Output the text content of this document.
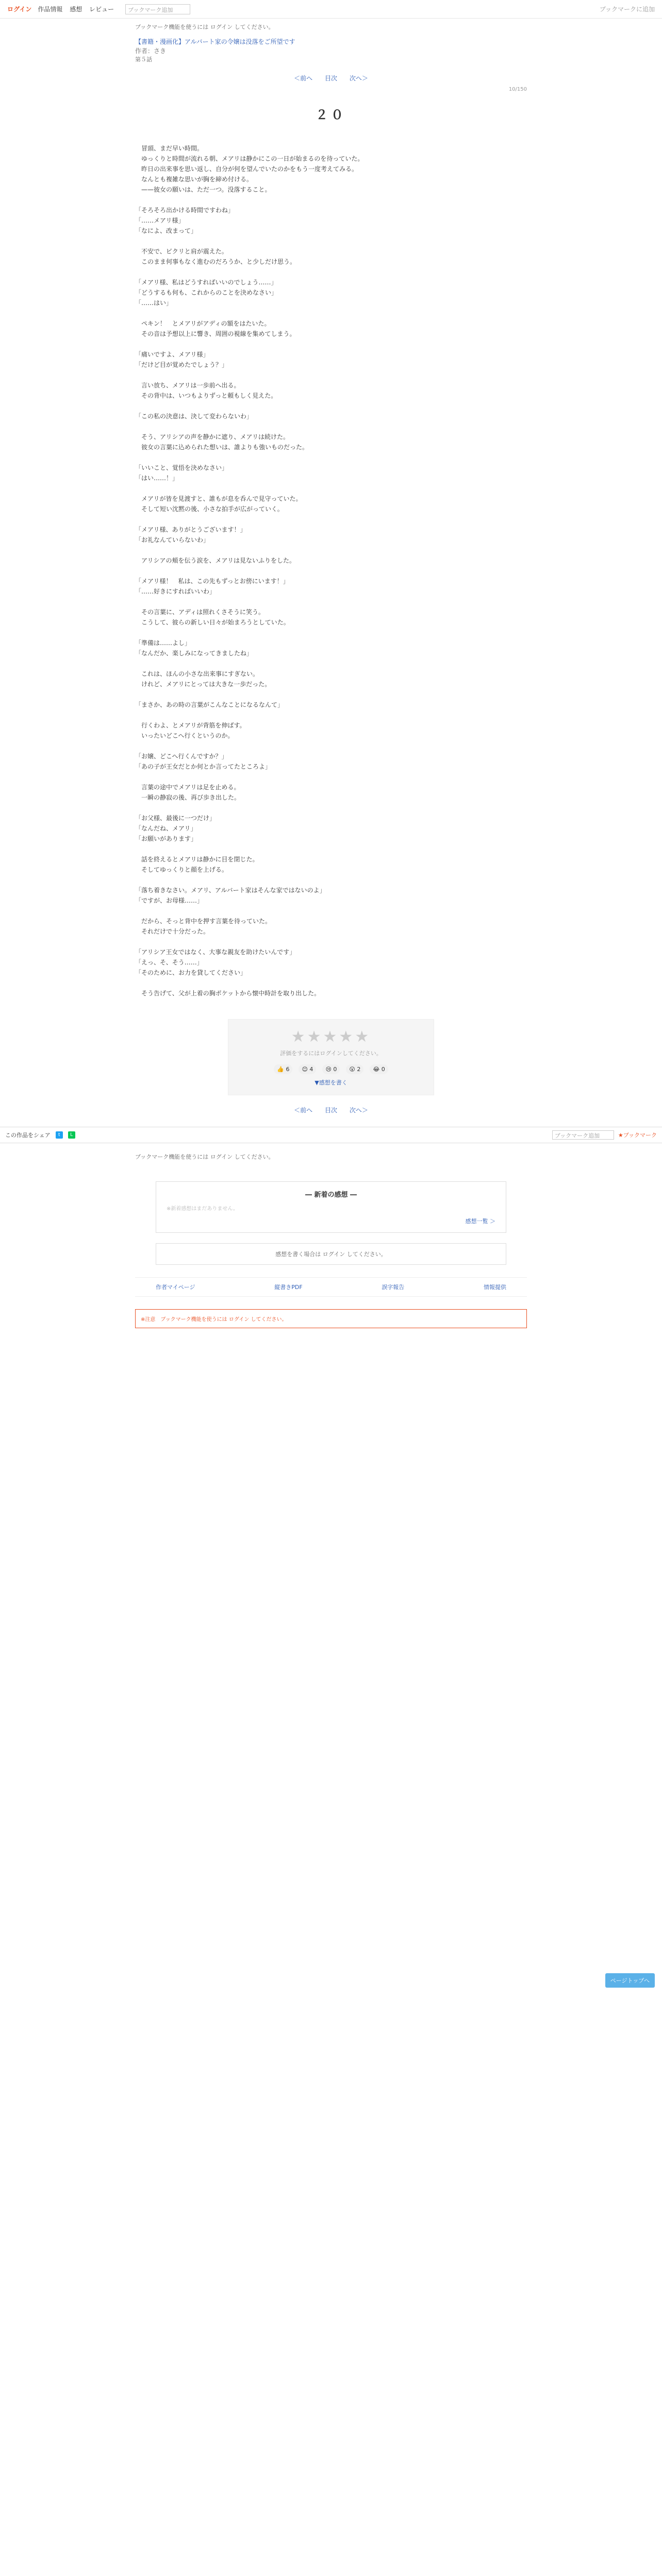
ログイン 作品情報 感想 レビュー	ブックマーク追加	ブックマークに追加
ブックマーク機能を使うには ログイン してください。
【書籍・漫画化】アルバート家の令嬢は没落をご所望です
作者：さき
第５話
＜前へ 目次 次へ＞
10/150
２０

　冒頭、まだ早い時間。

　ゆっくりと時間が流れる朝、メアリは静かにこの一日が始まるのを待っていた。

　昨日の出来事を思い返し、自分が何を望んでいたのかをもう一度考えてみる。

　なんとも複雑な思いが胸を締め付ける。

　——彼女の願いは、ただ一つ。没落すること。

「そろそろ出かける時間ですわね」

「……メアリ様」

「なによ、改まって」

　不安で、ビクリと肩が震えた。

　このまま何事もなく進むのだろうか、と少しだけ思う。

「メアリ様、私はどうすればいいのでしょう……」

「どうするも何も、これからのことを決めなさい」

「……はい」

　ペキン！　とメアリがアディの額をはたいた。

　その音は予想以上に響き、周囲の視線を集めてしまう。

「痛いですよ、メアリ様」

「だけど目が覚めたでしょう？」

　言い放ち、メアリは一歩前へ出る。

　その背中は、いつもよりずっと頼もしく見えた。

「この私の決意は、決して変わらないわ」

　そう、アリシアの声を静かに遮り、メアリは続けた。

　彼女の言葉に込められた想いは、誰よりも強いものだった。

「いいこと、覚悟を決めなさい」

「はい……！」

　メアリが皆を見渡すと、誰もが息を呑んで見守っていた。

　そして短い沈黙の後、小さな拍手が広がっていく。

「メアリ様、ありがとうございます！」

「お礼なんていらないわ」

　アリシアの頬を伝う涙を、メアリは見ないふりをした。

「メアリ様！　私は、この先もずっとお傍にいます！」

「……好きにすればいいわ」

　その言葉に、アディは照れくさそうに笑う。

　こうして、彼らの新しい日々が始まろうとしていた。

「準備は……よし」

「なんだか、楽しみになってきましたね」

　これは、ほんの小さな出来事にすぎない。

　けれど、メアリにとっては大きな一歩だった。

「まさか、あの時の言葉がこんなことになるなんて」

　行くわよ、とメアリが背筋を伸ばす。

　いったいどこへ行くというのか。

「お嬢、どこへ行くんですか？」

「あの子が王女だとか何とか言ってたところよ」

　言葉の途中でメアリは足を止める。

　一瞬の静寂の後、再び歩き出した。

「お父様、最後に一つだけ」

「なんだね、メアリ」

「お願いがあります」

　話を終えるとメアリは静かに目を閉じた。

　そしてゆっくりと顔を上げる。

「落ち着きなさい。メアリ、アルバート家はそんな家ではないのよ」

「ですが、お母様……」

　だから、そっと背中を押す言葉を待っていた。

　それだけで十分だった。

「アリシア王女ではなく、大事な親友を助けたいんです」

「えっ、そ、そう……」

「そのために、お力を貸してください」

　そう告げて、父が上着の胸ポケットから懐中時計を取り出した。

★★★★★
評価をするにはログインしてください。
👍 6	😊 4	😢 0	😲 2	😂 0
▼感想を書く
＜前へ 目次 次へ＞
この作品をシェア	t	L	ブックマーク追加	★ブックマーク
ブックマーク機能を使うには ログイン してください。
― 新着の感想 ―
※新着感想はまだありません。
感想一覧 ＞
感想を書く場合は ログイン してください。
作者マイページ	縦書きPDF	誤字報告	情報提供
※注意　ブックマーク機能を使うには ログイン してください。
ページトップへ
